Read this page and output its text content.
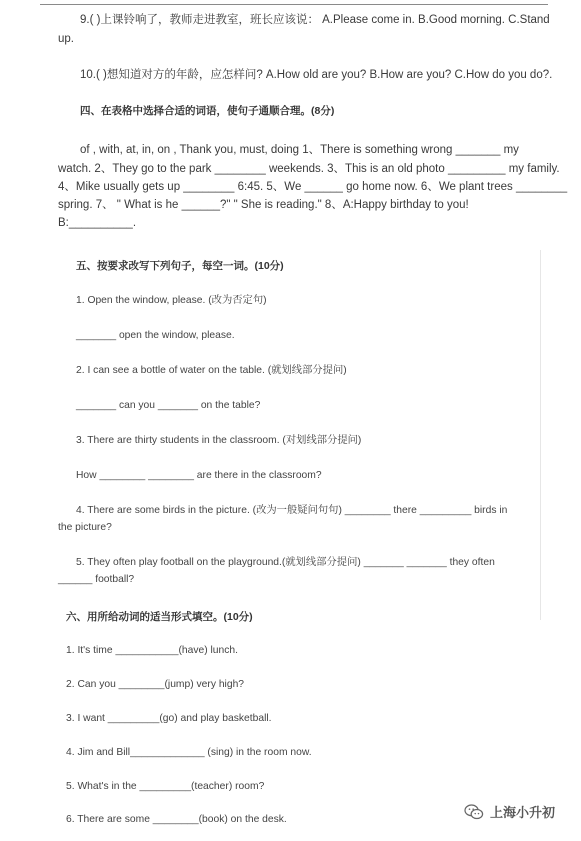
9.( )上课铃响了，教师走进教室，班长应该说： A.Please come in. B.Good morning. C.Stand
up.
10.( )想知道对方的年龄，应怎样问? A.How old are you? B.How are you? C.How do you do?.
四、在表格中选择合适的词语，使句子通顺合理。(8分)
of , with, at, in, on , Thank you, must, doing 1、There is something wrong _______ my
watch. 2、They go to the park ________ weekends. 3、This is an old photo _________ my family.
4、Mike usually gets up ________ 6:45. 5、We ______ go home now. 6、We plant trees ________
spring. 7、 " What is he ______?" " She is reading." 8、A:Happy birthday to you!
B:__________.
五、按要求改写下列句子，每空一词。(10分)
1. Open the window, please. (改为否定句)
_______ open the window, please.
2. I can see a bottle of water on the table. (就划线部分提问)
_______ can you _______ on the table?
3. There are thirty students in the classroom. (对划线部分提问)
How ________ ________ are there in the classroom?
4. There are some birds in the picture. (改为一般疑问句句) ________ there _________ birds in
the picture?
5. They often play football on the playground.(就划线部分提问) _______ _______ they often
______ football?
六、用所给动词的适当形式填空。(10分)
1. It's time ___________(have) lunch.
2. Can you ________(jump) very high?
3. I want _________(go) and play basketball.
4. Jim and Bill_____________ (sing) in the room now.
5. What's in the _________(teacher) room?
6. There are some ________(book) on the desk.	上海小升初
